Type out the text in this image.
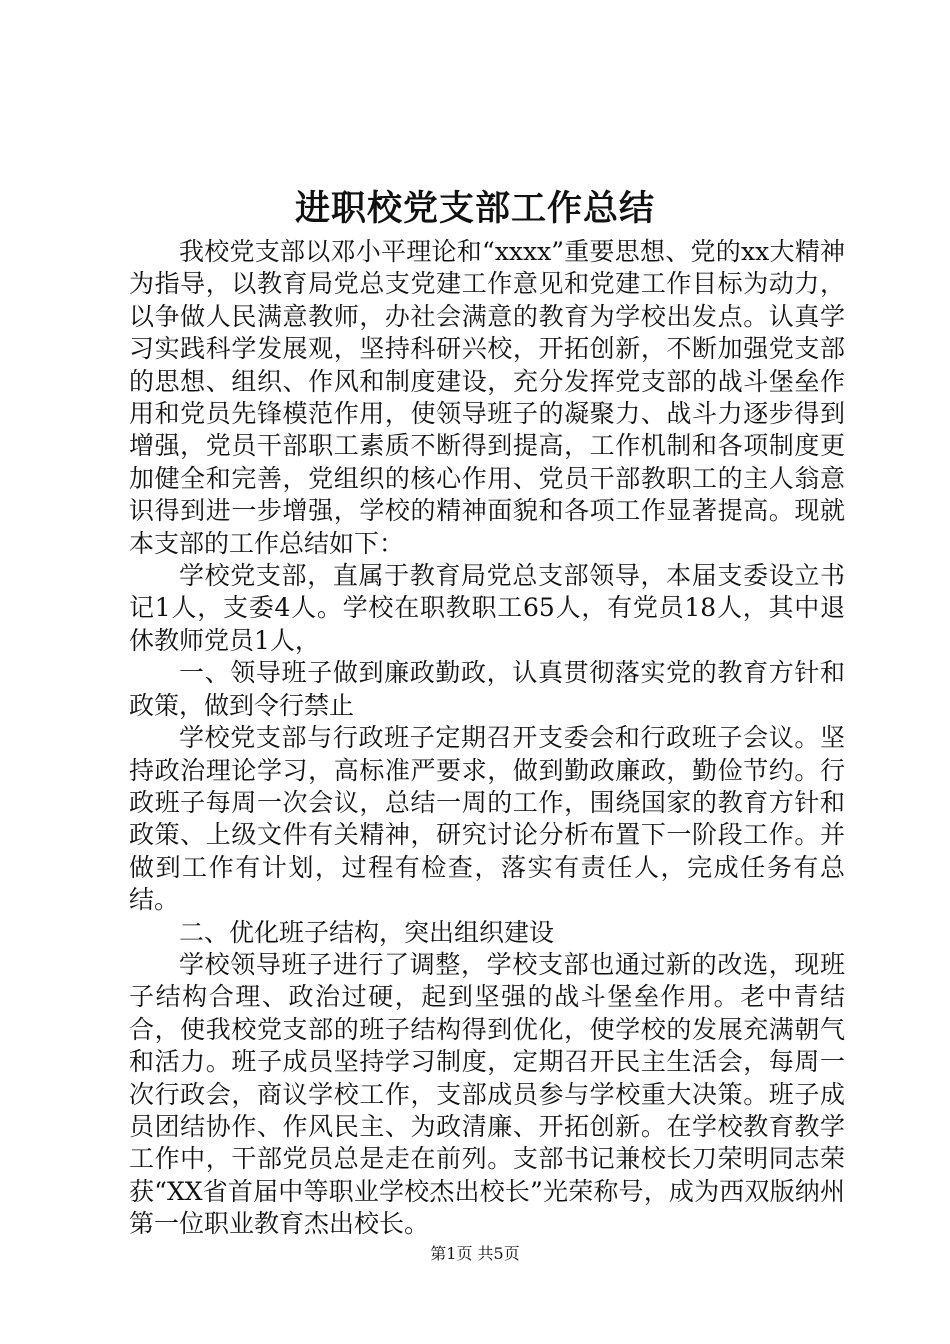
进职校党支部工作总结

我校党支部以邓小平理论和“xxxx”重要思想、党的xx大精神为指导，以教育局党总支党建工作意见和党建工作目标为动力，以争做人民满意教师，办社会满意的教育为学校出发点。认真学习实践科学发展观，坚持科研兴校，开拓创新，不断加强党支部的思想、组织、作风和制度建设，充分发挥党支部的战斗堡垒作用和党员先锋模范作用，使领导班子的凝聚力、战斗力逐步得到增强，党员干部职工素质不断得到提高，工作机制和各项制度更加健全和完善，党组织的核心作用、党员干部教职工的主人翁意识得到进一步增强，学校的精神面貌和各项工作显著提高。现就本支部的工作总结如下：

学校党支部，直属于教育局党总支部领导，本届支委设立书记1人，支委4人。学校在职教职工65人，有党员18人，其中退休教师党员1人，

一、领导班子做到廉政勤政，认真贯彻落实党的教育方针和政策，做到令行禁止

学校党支部与行政班子定期召开支委会和行政班子会议。坚持政治理论学习，高标准严要求，做到勤政廉政，勤俭节约。行政班子每周一次会议，总结一周的工作，围绕国家的教育方针和政策、上级文件有关精神，研究讨论分析布置下一阶段工作。并做到工作有计划，过程有检查，落实有责任人，完成任务有总结。

二、优化班子结构，突出组织建设

学校领导班子进行了调整，学校支部也通过新的改选，现班子结构合理、政治过硬，起到坚强的战斗堡垒作用。老中青结合，使我校党支部的班子结构得到优化，使学校的发展充满朝气和活力。班子成员坚持学习制度，定期召开民主生活会，每周一次行政会，商议学校工作，支部成员参与学校重大决策。班子成员团结协作、作风民主、为政清廉、开拓创新。在学校教育教学工作中，干部党员总是走在前列。支部书记兼校长刀荣明同志荣获“XX省首届中等职业学校杰出校长”光荣称号，成为西双版纳州第一位职业教育杰出校长。

第1页 共5页
